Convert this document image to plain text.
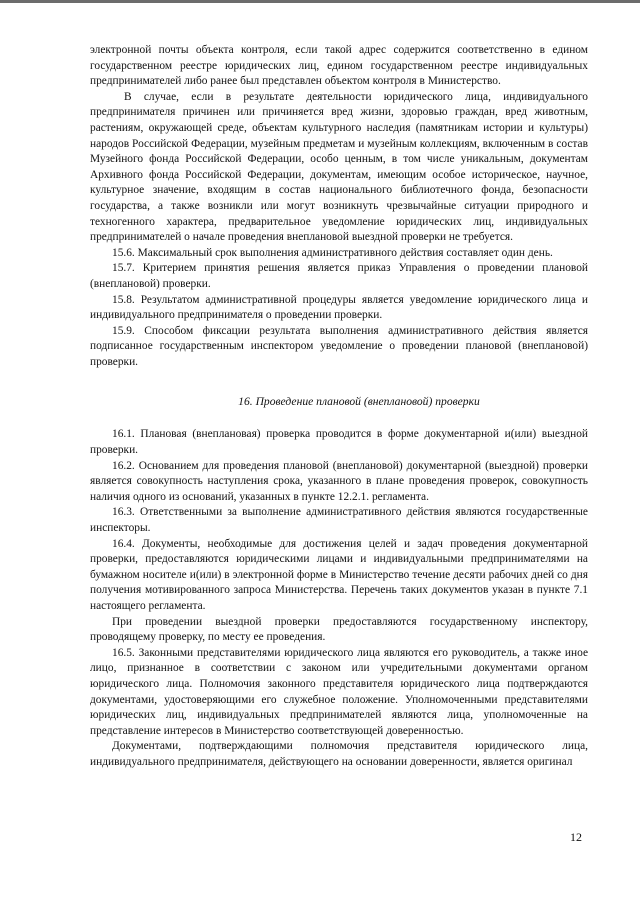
электронной почты объекта контроля, если такой адрес содержится соответственно в едином государственном реестре юридических лиц, едином государственном реестре индивидуальных предпринимателей либо ранее был представлен объектом контроля в Министерство.

В случае, если в результате деятельности юридического лица, индивидуального предпринимателя причинен или причиняется вред жизни, здоровью граждан, вред животным, растениям, окружающей среде, объектам культурного наследия (памятникам истории и культуры) народов Российской Федерации, музейным предметам и музейным коллекциям, включенным в состав Музейного фонда Российской Федерации, особо ценным, в том числе уникальным, документам Архивного фонда Российской Федерации, документам, имеющим особое историческое, научное, культурное значение, входящим в состав национального библиотечного фонда, безопасности государства, а также возникли или могут возникнуть чрезвычайные ситуации природного и техногенного характера, предварительное уведомление юридических лиц, индивидуальных предпринимателей о начале проведения внеплановой выездной проверки не требуется.

15.6. Максимальный срок выполнения административного действия составляет один день.

15.7. Критерием принятия решения является приказ Управления о проведении плановой (внеплановой) проверки.

15.8. Результатом административной процедуры является уведомление юридического лица и индивидуального предпринимателя о проведении проверки.

15.9. Способом фиксации результата выполнения административного действия является подписанное государственным инспектором уведомление о проведении плановой (внеплановой) проверки.

16. Проведение плановой (внеплановой) проверки

16.1. Плановая (внеплановая) проверка проводится в форме документарной и(или) выездной проверки.

16.2. Основанием для проведения плановой (внеплановой) документарной (выездной) проверки является совокупность наступления срока, указанного в плане проведения проверок, совокупность наличия одного из оснований, указанных в пункте 12.2.1. регламента.

16.3. Ответственными за выполнение административного действия являются государственные инспекторы.

16.4. Документы, необходимые для достижения целей и задач проведения документарной проверки, предоставляются юридическими лицами и индивидуальными предпринимателями на бумажном носителе и(или) в электронной форме в Министерство течение десяти рабочих дней со дня получения мотивированного запроса Министерства. Перечень таких документов указан в пункте 7.1 настоящего регламента.

При проведении выездной проверки предоставляются государственному инспектору, проводящему проверку, по месту ее проведения.

16.5. Законными представителями юридического лица являются его руководитель, а также иное лицо, признанное в соответствии с законом или учредительными документами органом юридического лица. Полномочия законного представителя юридического лица подтверждаются документами, удостоверяющими его служебное положение. Уполномоченными представителями юридических лиц, индивидуальных предпринимателей являются лица, уполномоченные на представление интересов в Министерство соответствующей доверенностью.

Документами, подтверждающими полномочия представителя юридического лица, индивидуального предпринимателя, действующего на основании доверенности, является оригинал

12
